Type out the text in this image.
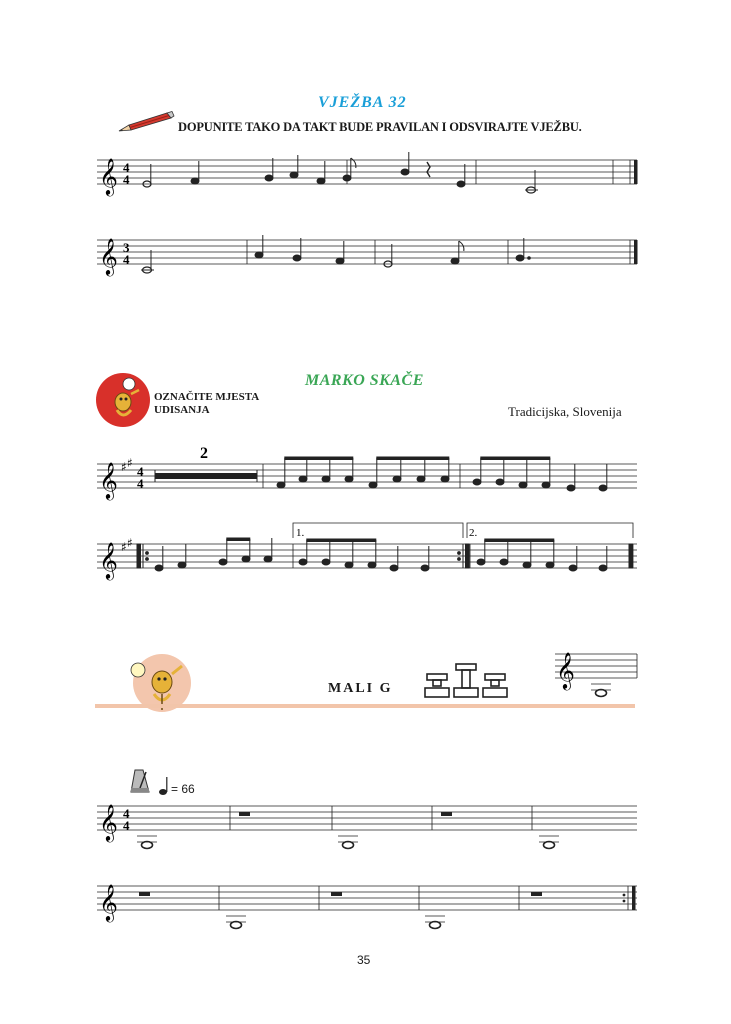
VJEŽBA 32
DOPUNITE TAKO DA TAKT BUDE PRAVILAN I ODSVIRAJTE VJEŽBU.
𝄞 4
4
𝄞 3
4
MARKO SKAČE
OZNAČITE MJESTA UDISANJA	Tradicijska, Slovenija
𝄞 ♯ ♯
4
4
2
1.	2.
𝄞 ♯ ♯
MALI G	𝄞
= 66
𝄞 4
4
𝄞
35
